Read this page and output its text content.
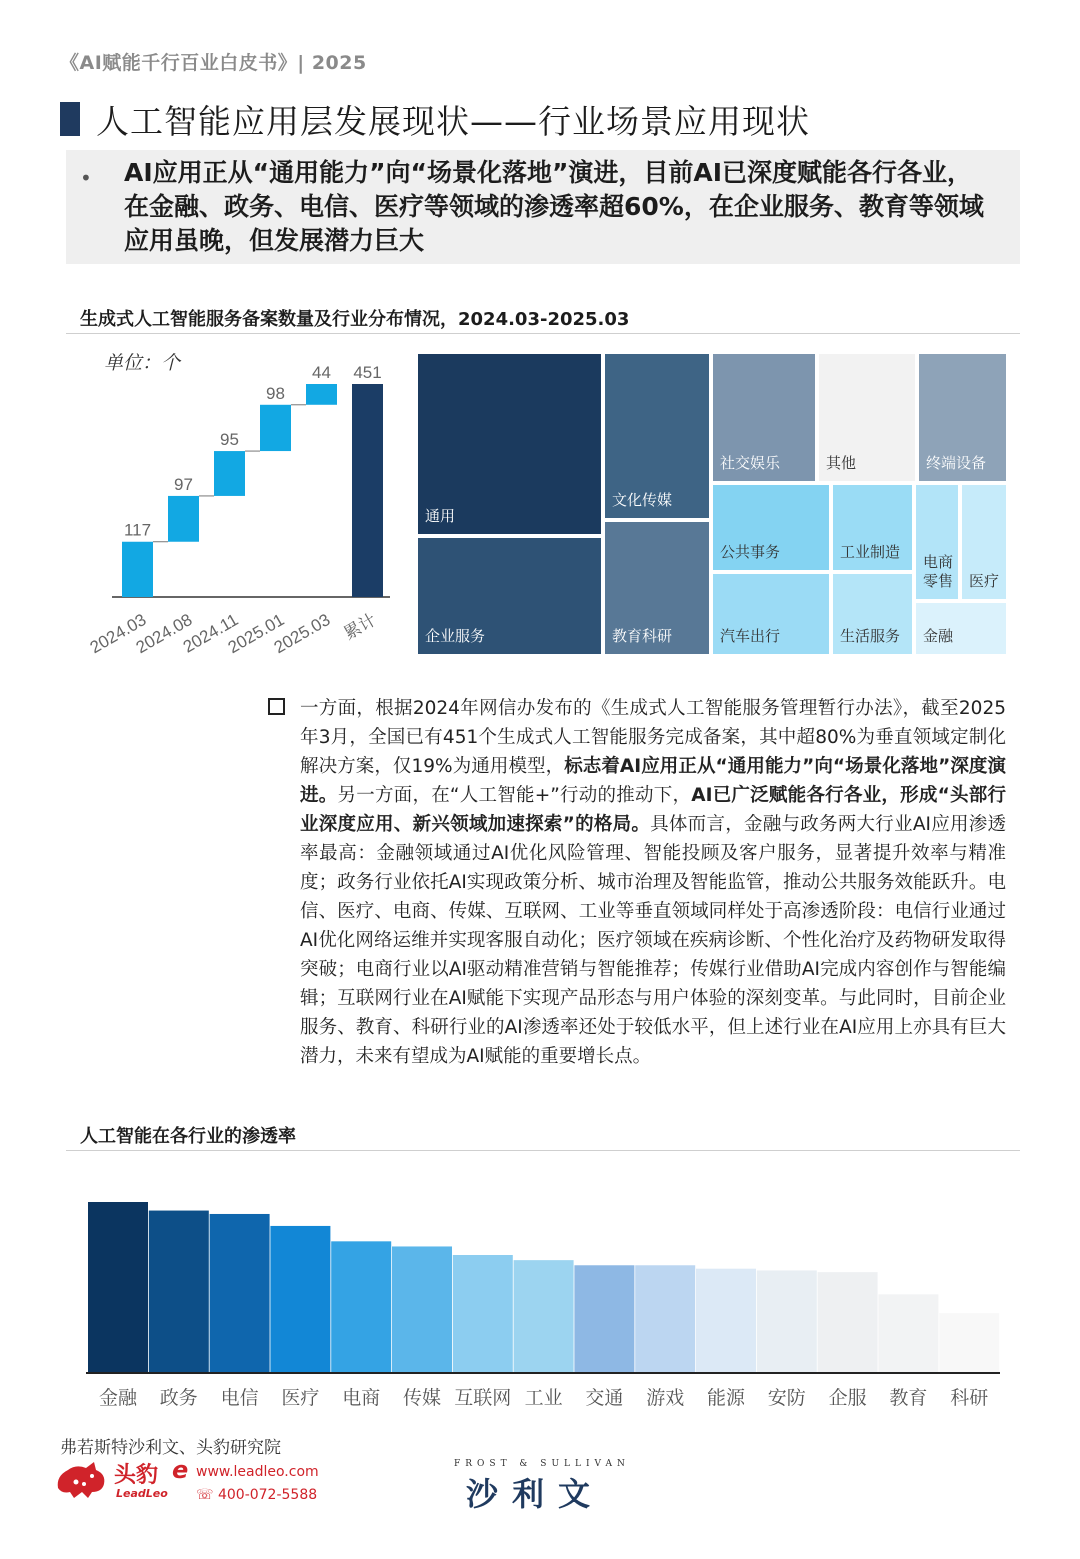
《AI赋能千行百业白皮书》| 2025
人工智能应用层发展现状——行业场景应用现状
• AI应用正从“通用能力”向“场景化落地”演进，目前AI已深度赋能各行各业，在金融、政务、电信、医疗等领域的渗透率超60%，在企业服务、教育等领域应用虽晚，但发展潜力巨大
生成式人工智能服务备案数量及行业分布情况，2024.03-2025.03
单位：个
117
2024.03
97
2024.08
95
2024.11
98
2025.01
44
2025.03
451
累计
通用
企业服务
文化传媒
教育科研
社交娱乐	其他	终端设备
公共事务	工业制造
电商
零售 医疗
汽车出行	生活服务 金融
一方面，根据2024年网信办发布的《生成式人工智能服务管理暂行办法》，截至2025年3月，全国已有451个生成式人工智能服务完成备案，其中超80%为垂直领域定制化解决方案，仅19%为通用模型，标志着AI应用正从“通用能力”向“场景化落地”深度演进。另一方面，在“人工智能+”行动的推动下，AI已广泛赋能各行各业，形成“头部行业深度应用、新兴领域加速探索”的格局。具体而言，金融与政务两大行业AI应用渗透率最高：金融领域通过AI优化风险管理、智能投顾及客户服务，显著提升效率与精准度；政务行业依托AI实现政策分析、城市治理及智能监管，推动公共服务效能跃升。电信、医疗、电商、传媒、互联网、工业等垂直领域同样处于高渗透阶段：电信行业通过AI优化网络运维并实现客服自动化；医疗领域在疾病诊断、个性化治疗及药物研发取得突破；电商行业以AI驱动精准营销与智能推荐；传媒行业借助AI完成内容创作与智能编辑；互联网行业在AI赋能下实现产品形态与用户体验的深刻变革。与此同时，目前企业服务、教育、科研行业的AI渗透率还处于较低水平，但上述行业在AI应用上亦具有巨大潜力，未来有望成为AI赋能的重要增长点。
人工智能在各行业的渗透率
金融 政务 电信 医疗 电商 传媒 互联网 工业 交通 游戏 能源 安防 企服 教育 科研
弗若斯特沙利文、头豹研究院
头豹
LeadLeo
e www.leadleo.com
☏ 400-072-5588
FROST & SULLIVAN
沙利文
